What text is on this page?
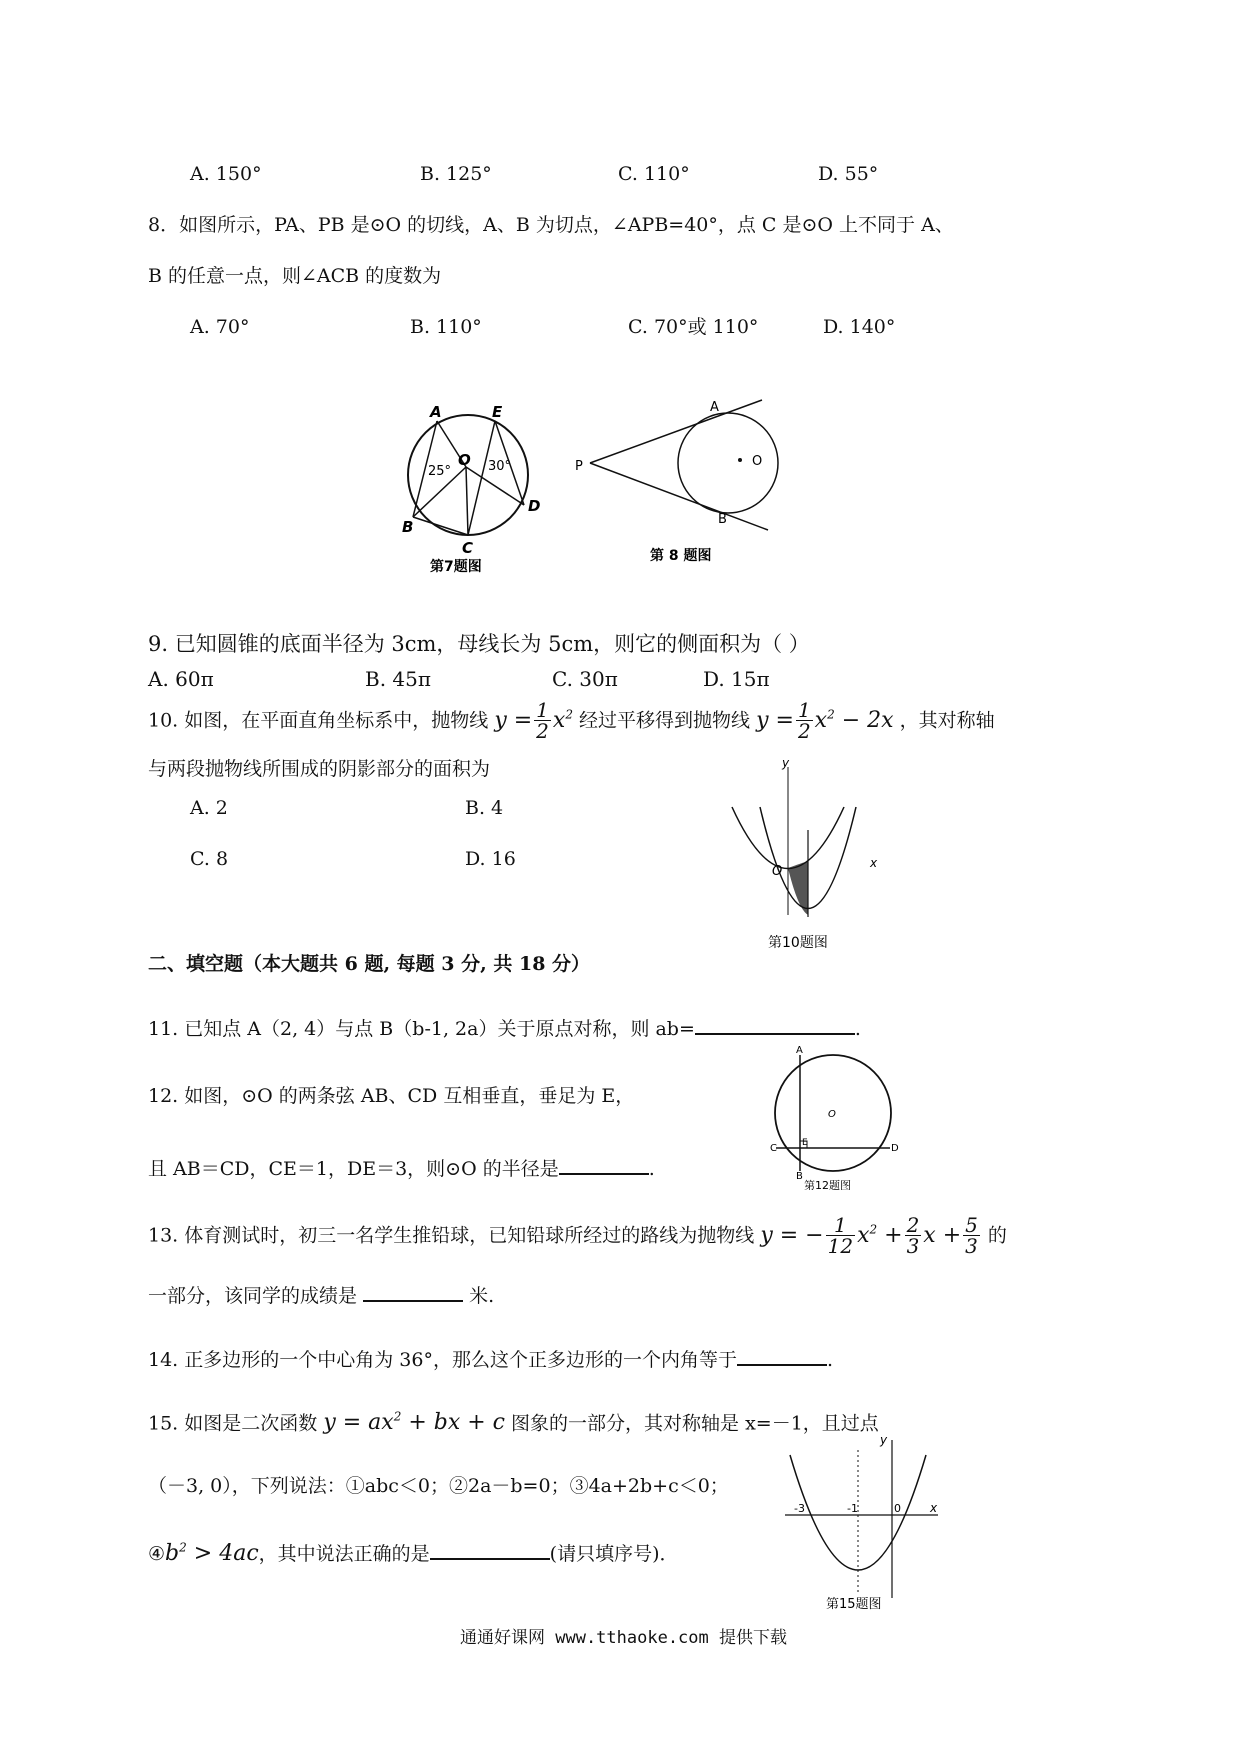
A. 150°	B. 125°	C. 110°	D. 55°
8．如图所示，PA、PB 是⊙O 的切线，A、B 为切点，∠APB=40°，点 C 是⊙O 上不同于 A、
B 的任意一点，则∠ACB 的度数为
A. 70°	B. 110°	C. 70°或 110°	D. 140°
A	E
O
25°	30°
B
C
D
第7题图
A
P	O
B
第 8 题图
9. 已知圆锥的底面半径为 3cm，母线长为 5cm，则它的侧面积为（ ）
A. 60π	B. 45π	C. 30π	D. 15π
10. 如图，在平面直角坐标系中，抛物线 $y = \frac{1}{2} x^2$ 经过平移得到抛物线 $y = \frac{1}{2} x^2 - 2x$ ，其对称轴
与两段抛物线所围成的阴影部分的面积为
A. 2	B. 4
C. 8	D. 16
y
O
x
第10题图
二、填空题（本大题共 6 题, 每题 3 分, 共 18 分）
11. 已知点 A（2, 4）与点 B（b-1, 2a）关于原点对称，则 ab=	.
A
O
C	E	D
B
第12题图
12. 如图，⊙O 的两条弦 AB、CD 互相垂直，垂足为 E，
且 AB＝CD，CE＝1，DE＝3，则⊙O 的半径是	.
13. 体育测试时，初三一名学生推铅球，已知铅球所经过的路线为抛物线 y = − $\frac{1}{12} x^2 + \frac{2}{3}$ $x + \frac{5}{3}$ 的
一部分，该同学的成绩是	米.
14. 正多边形的一个中心角为 36°，那么这个正多边形的一个内角等于	.
15. 如图是二次函数 $y = ax^2$ + bx + c 图象的一部分，其对称轴是 x=－1，且过点
（－3, 0），下列说法：①abc＜0；②2a－b=0；③4a+2b+c＜0；
$④b^2 > 4ac$，其中说法正确的是	(请只填序号)．
y
-3	-1	0 x
第15题图
通通好课网 www.tthaoke.com 提供下载
